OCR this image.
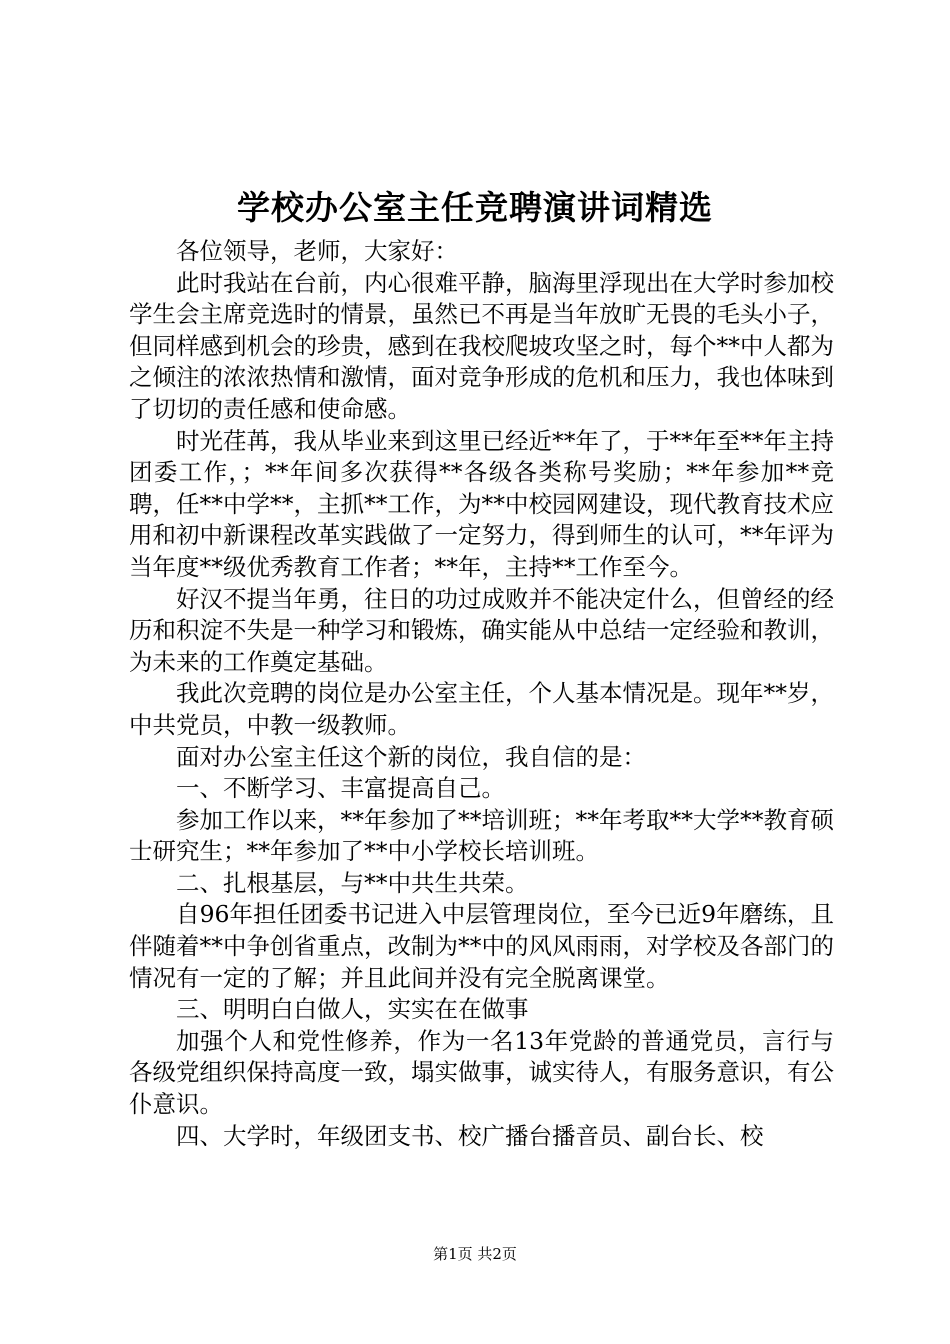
学校办公室主任竞聘演讲词精选

各位领导，老师，大家好：

此时我站在台前，内心很难平静，脑海里浮现出在大学时参加校学生会主席竞选时的情景，虽然已不再是当年放旷无畏的毛头小子，但同样感到机会的珍贵，感到在我校爬坡攻坚之时，每个**中人都为之倾注的浓浓热情和激情，面对竞争形成的危机和压力，我也体味到了切切的责任感和使命感。

时光荏苒，我从毕业来到这里已经近**年了，于**年至**年主持团委工作，；**年间多次获得**各级各类称号奖励；**年参加**竞聘，任**中学**，主抓**工作，为**中校园网建设，现代教育技术应用和初中新课程改革实践做了一定努力，得到师生的认可，**年评为当年度**级优秀教育工作者；**年，主持**工作至今。

好汉不提当年勇，往日的功过成败并不能决定什么，但曾经的经历和积淀不失是一种学习和锻炼，确实能从中总结一定经验和教训，为未来的工作奠定基础。

我此次竞聘的岗位是办公室主任，个人基本情况是。现年**岁，中共党员，中教一级教师。

面对办公室主任这个新的岗位，我自信的是：

一、不断学习、丰富提高自己。

参加工作以来，**年参加了**培训班；**年考取**大学**教育硕士研究生；**年参加了**中小学校长培训班。

二、扎根基层，与**中共生共荣。

自96年担任团委书记进入中层管理岗位，至今已近9年磨练，且伴随着**中争创省重点，改制为**中的风风雨雨，对学校及各部门的情况有一定的了解；并且此间并没有完全脱离课堂。

三、明明白白做人，实实在在做事

加强个人和党性修养，作为一名13年党龄的普通党员，言行与各级党组织保持高度一致，塌实做事，诚实待人，有服务意识，有公仆意识。

四、大学时，年级团支书、校广播台播音员、副台长、校

第1页 共2页
